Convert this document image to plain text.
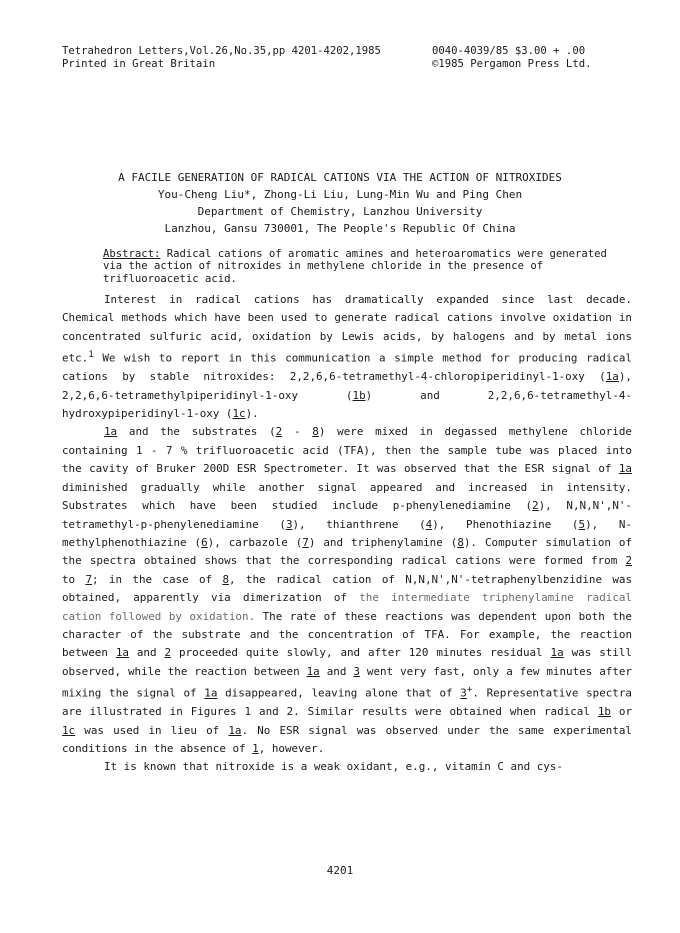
Tetrahedron Letters,Vol.26,No.35,pp 4201-4202,1985
Printed in Great Britain
0040-4039/85 $3.00 + .00
©1985 Pergamon Press Ltd.
A FACILE GENERATION OF RADICAL CATIONS VIA THE ACTION OF NITROXIDES
You-Cheng Liu*, Zhong-Li Liu, Lung-Min Wu and Ping Chen
Department of Chemistry, Lanzhou University
Lanzhou, Gansu 730001, The People's Republic Of China
Abstract: Radical cations of aromatic amines and heteroaromatics were generated via the action of nitroxides in methylene chloride in the presence of trifluoroacetic acid.

Interest in radical cations has dramatically expanded since last decade. Chemical methods which have been used to generate radical cations involve oxidation in concentrated sulfuric acid, oxidation by Lewis acids, by halogens and by metal ions etc.$^1$ We wish to report in this communication a simple method for producing radical cations by stable nitroxides: 2,2,6,6-tetramethyl-4-chloropiperidinyl-1-oxy (1a), 2,2,6,6-tetramethylpiperidinyl-1-oxy (1b) and 2,2,6,6-tetramethyl-4-hydroxypiperidinyl-1-oxy (1c).

1a and the substrates (2 - 8) were mixed in degassed methylene chloride containing 1 - 7 % trifluoroacetic acid (TFA), then the sample tube was placed into the cavity of Bruker 200D ESR Spectrometer. It was observed that the ESR signal of 1a diminished gradually while another signal appeared and increased in intensity. Substrates which have been studied include p-phenylenediamine (2), N,N,N',N'-tetramethyl-p-phenylenediamine (3), thianthrene (4), Phenothiazine (5), N-methylphenothiazine (6), carbazole (7) and triphenylamine (8). Computer simulation of the spectra obtained shows that the corresponding radical cations were formed from 2 to 7; in the case of 8, the radical cation of N,N,N',N'-tetraphenylbenzidine was obtained, apparently via dimerization of the intermediate triphenylamine radical cation followed by oxidation. The rate of these reactions was dependent upon both the character of the substrate and the concentration of TFA. For example, the reaction between 1a and 2 proceeded quite slowly, and after 120 minutes residual 1a was still observed, while the reaction between 1a and 3 went very fast, only a few minutes after mixing the signal of 1a disappeared, leaving alone that of 3+. Representative spectra are illustrated in Figures 1 and 2. Similar results were obtained when radical 1b or 1c was used in lieu of 1a. No ESR signal was observed under the same experimental conditions in the absence of 1, however.

It is known that nitroxide is a weak oxidant, e.g., vitamin C and cys-

4201
